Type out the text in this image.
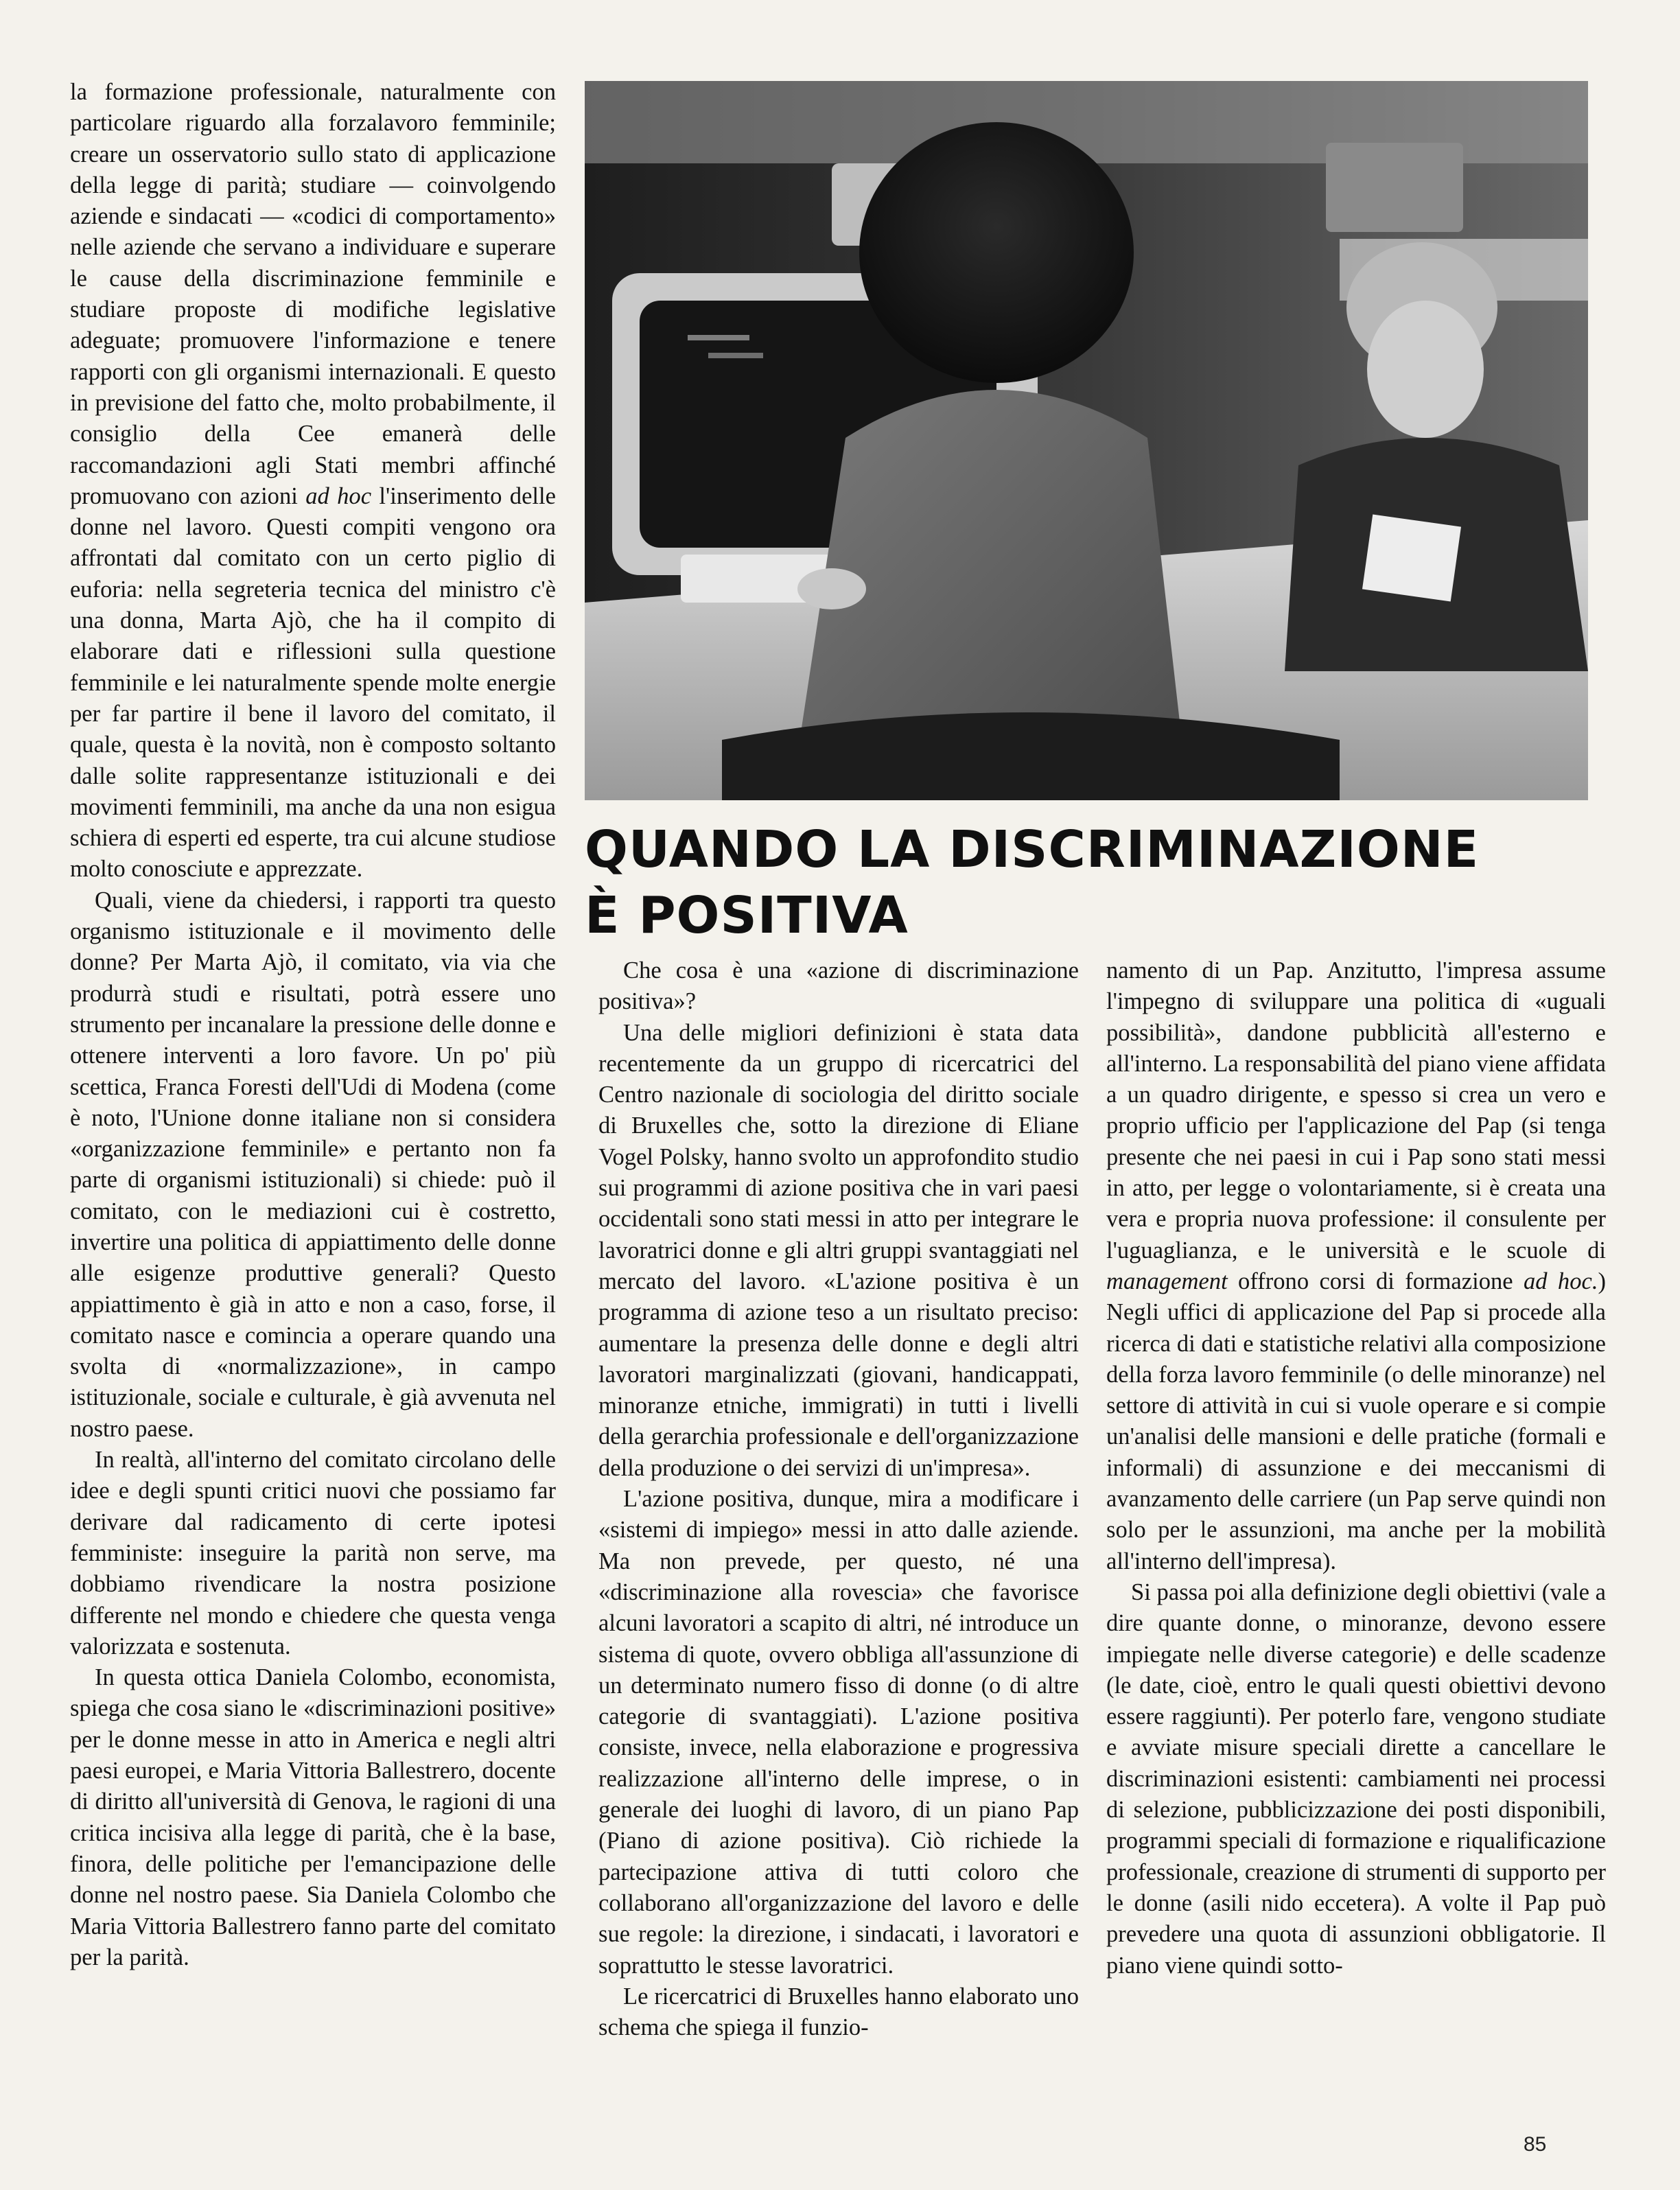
QUANDO LA DISCRIMINAZIONE
È POSITIVA

la formazione professionale, naturalmente con particolare riguardo alla forzalavoro femminile; creare un osservatorio sullo stato di applicazione della legge di parità; studiare — coinvolgendo aziende e sindacati — «codici di comportamento» nelle aziende che servano a individuare e superare le cause della discriminazione femminile e studiare proposte di modifiche legislative adeguate; promuovere l'informazione e tenere rapporti con gli organismi internazionali. E questo in previsione del fatto che, molto probabilmente, il consiglio della Cee emanerà delle raccomandazioni agli Stati membri affinché promuovano con azioni ad hoc l'inserimento delle donne nel lavoro. Questi compiti vengono ora affrontati dal comitato con un certo piglio di euforia: nella segreteria tecnica del ministro c'è una donna, Marta Ajò, che ha il compito di elaborare dati e riflessioni sulla questione femminile e lei naturalmente spende molte energie per far partire il bene il lavoro del comitato, il quale, questa è la novità, non è composto soltanto dalle solite rappresentanze istituzionali e dei movimenti femminili, ma anche da una non esigua schiera di esperti ed esperte, tra cui alcune studiose molto conosciute e apprezzate.

Quali, viene da chiedersi, i rapporti tra questo organismo istituzionale e il movimento delle donne? Per Marta Ajò, il comitato, via via che produrrà studi e risultati, potrà essere uno strumento per incanalare la pressione delle donne e ottenere interventi a loro favore. Un po' più scettica, Franca Foresti dell'Udi di Modena (come è noto, l'Unione donne italiane non si considera «organizzazione femminile» e pertanto non fa parte di organismi istituzionali) si chiede: può il comitato, con le mediazioni cui è costretto, invertire una politica di appiattimento delle donne alle esigenze produttive generali? Questo appiattimento è già in atto e non a caso, forse, il comitato nasce e comincia a operare quando una svolta di «normalizzazione», in campo istituzionale, sociale e culturale, è già avvenuta nel nostro paese.

In realtà, all'interno del comitato circolano delle idee e degli spunti critici nuovi che possiamo far derivare dal radicamento di certe ipotesi femministe: inseguire la parità non serve, ma dobbiamo rivendicare la nostra posizione differente nel mondo e chiedere che questa venga valorizzata e sostenuta.

In questa ottica Daniela Colombo, economista, spiega che cosa siano le «discriminazioni positive» per le donne messe in atto in America e negli altri paesi europei, e Maria Vittoria Ballestrero, docente di diritto all'università di Genova, le ragioni di una critica incisiva alla legge di parità, che è la base, finora, delle politiche per l'emancipazione delle donne nel nostro paese. Sia Daniela Colombo che Maria Vittoria Ballestrero fanno parte del comitato per la parità.

Che cosa è una «azione di discriminazione positiva»?

Una delle migliori definizioni è stata data recentemente da un gruppo di ricercatrici del Centro nazionale di sociologia del diritto sociale di Bruxelles che, sotto la direzione di Eliane Vogel Polsky, hanno svolto un approfondito studio sui programmi di azione positiva che in vari paesi occidentali sono stati messi in atto per integrare le lavoratrici donne e gli altri gruppi svantaggiati nel mercato del lavoro. «L'azione positiva è un programma di azione teso a un risultato preciso: aumentare la presenza delle donne e degli altri lavoratori marginalizzati (giovani, handicappati, minoranze etniche, immigrati) in tutti i livelli della gerarchia professionale e dell'organizzazione della produzione o dei servizi di un'impresa».

L'azione positiva, dunque, mira a modificare i «sistemi di impiego» messi in atto dalle aziende. Ma non prevede, per questo, né una «discriminazione alla rovescia» che favorisce alcuni lavoratori a scapito di altri, né introduce un sistema di quote, ovvero obbliga all'assunzione di un determinato numero fisso di donne (o di altre categorie di svantaggiati). L'azione positiva consiste, invece, nella elaborazione e progressiva realizzazione all'interno delle imprese, o in generale dei luoghi di lavoro, di un piano Pap (Piano di azione positiva). Ciò richiede la partecipazione attiva di tutti coloro che collaborano all'organizzazione del lavoro e delle sue regole: la direzione, i sindacati, i lavoratori e soprattutto le stesse lavoratrici.

Le ricercatrici di Bruxelles hanno elaborato uno schema che spiega il funzio-

namento di un Pap. Anzitutto, l'impresa assume l'impegno di sviluppare una politica di «uguali possibilità», dandone pubblicità all'esterno e all'interno. La responsabilità del piano viene affidata a un quadro dirigente, e spesso si crea un vero e proprio ufficio per l'applicazione del Pap (si tenga presente che nei paesi in cui i Pap sono stati messi in atto, per legge o volontariamente, si è creata una vera e propria nuova professione: il consulente per l'uguaglianza, e le università e le scuole di management offrono corsi di formazione ad hoc.) Negli uffici di applicazione del Pap si procede alla ricerca di dati e statistiche relativi alla composizione della forza lavoro femminile (o delle minoranze) nel settore di attività in cui si vuole operare e si compie un'analisi delle mansioni e delle pratiche (formali e informali) di assunzione e dei meccanismi di avanzamento delle carriere (un Pap serve quindi non solo per le assunzioni, ma anche per la mobilità all'interno dell'impresa).

Si passa poi alla definizione degli obiettivi (vale a dire quante donne, o minoranze, devono essere impiegate nelle diverse categorie) e delle scadenze (le date, cioè, entro le quali questi obiettivi devono essere raggiunti). Per poterlo fare, vengono studiate e avviate misure speciali dirette a cancellare le discriminazioni esistenti: cambiamenti nei processi di selezione, pubblicizzazione dei posti disponibili, programmi speciali di formazione e riqualificazione professionale, creazione di strumenti di supporto per le donne (asili nido eccetera). A volte il Pap può prevedere una quota di assunzioni obbligatorie. Il piano viene quindi sotto-

85
